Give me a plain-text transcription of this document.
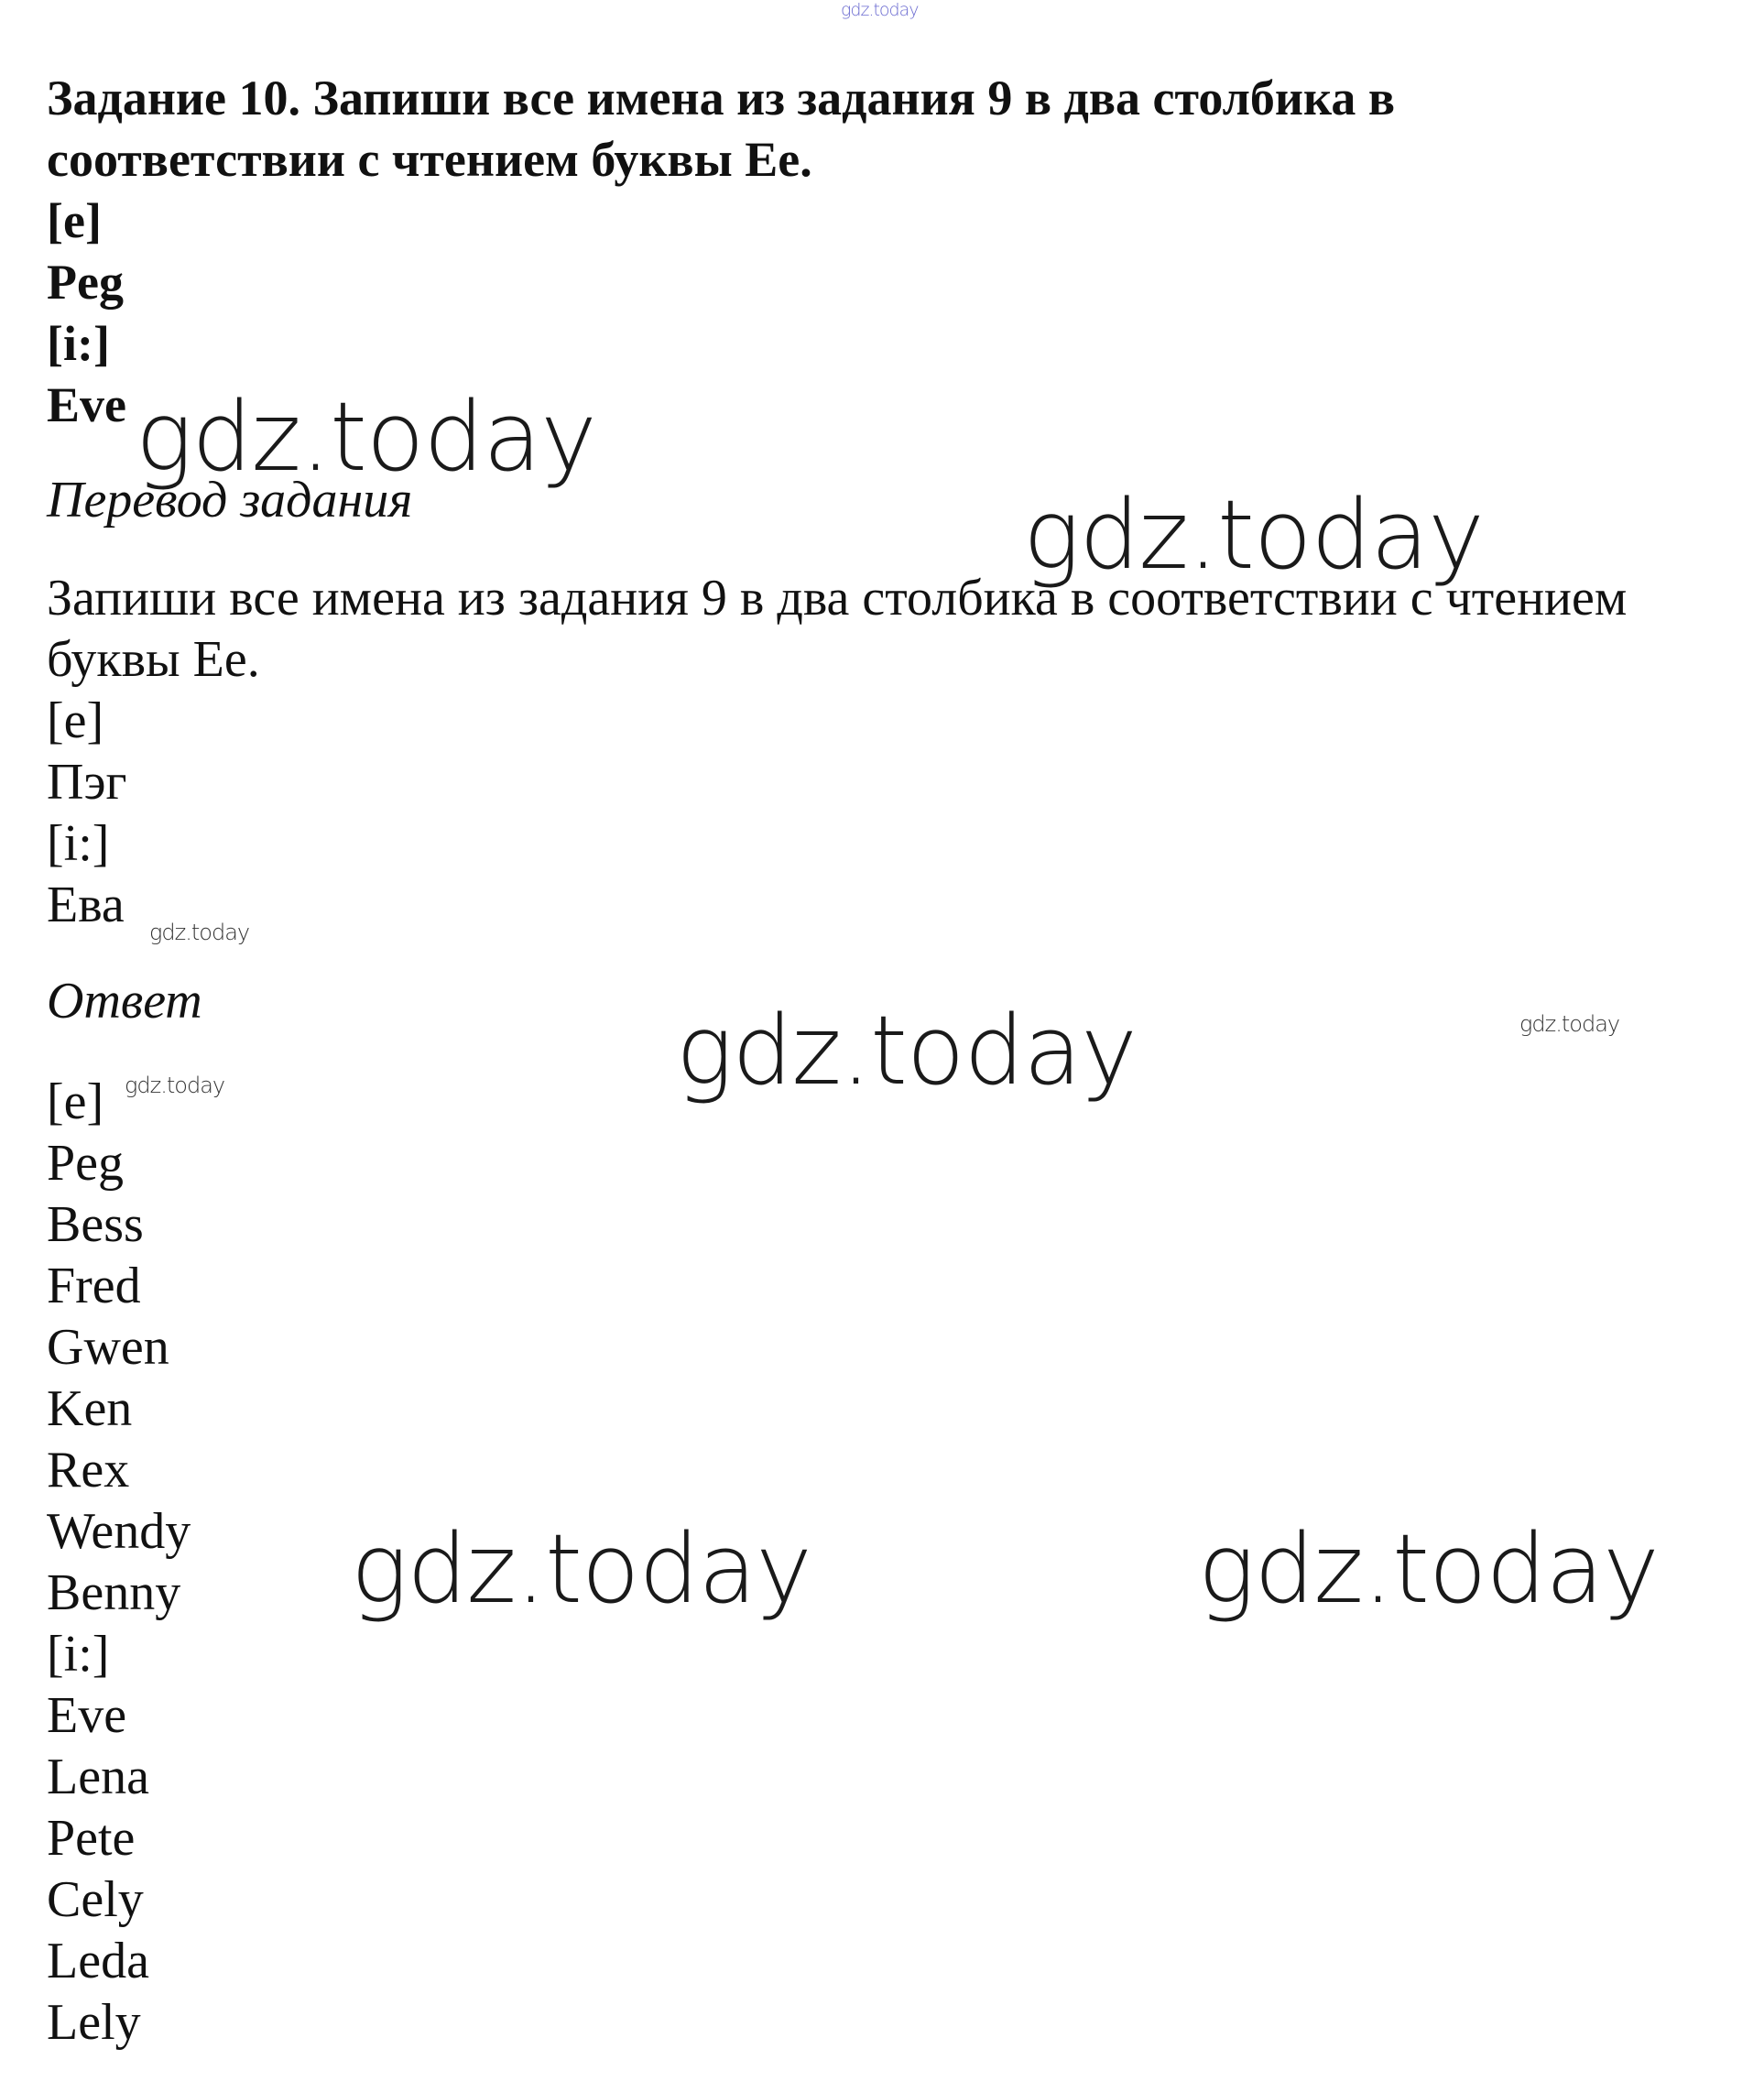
gdz.today
Задание 10. Запиши все имена из задания 9 в два столбика в
соответствии с чтением буквы Ee.
[e]
Peg
[i:]
Eve
Перевод задания
Запиши все имена из задания 9 в два столбика в соответствии с чтением
буквы Ee.
[e]
Пэг
[i:]
Ева
Ответ
[e]
Peg
Bess
Fred
Gwen
Ken
Rex
Wendy
Benny
[i:]
Eve
Lena
Pete
Cely
Leda
Lely
gdz.today
gdz.today
gdz.today
gdz.today	gdz.today
gdz.today
gdz.today	gdz.today
